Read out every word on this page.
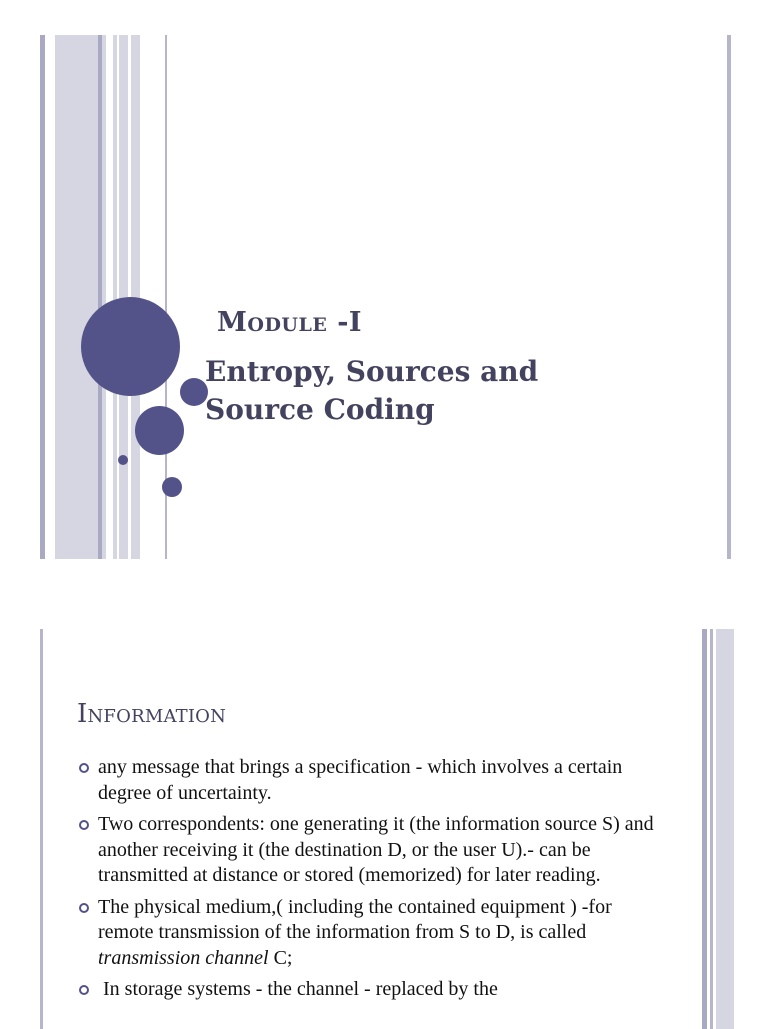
Module -I
Entropy, Sources and
Source Coding
Information
any message that brings a specification - which involves a certain degree of uncertainty.
Two correspondents: one generating it (the information source S) and another receiving it (the destination D, or the user U).- can be transmitted at distance or stored (memorized) for later reading.
The physical medium,( including the contained equipment ) -for remote transmission of the information from S to D, is called transmission channel C;
In storage systems - the channel - replaced by the
